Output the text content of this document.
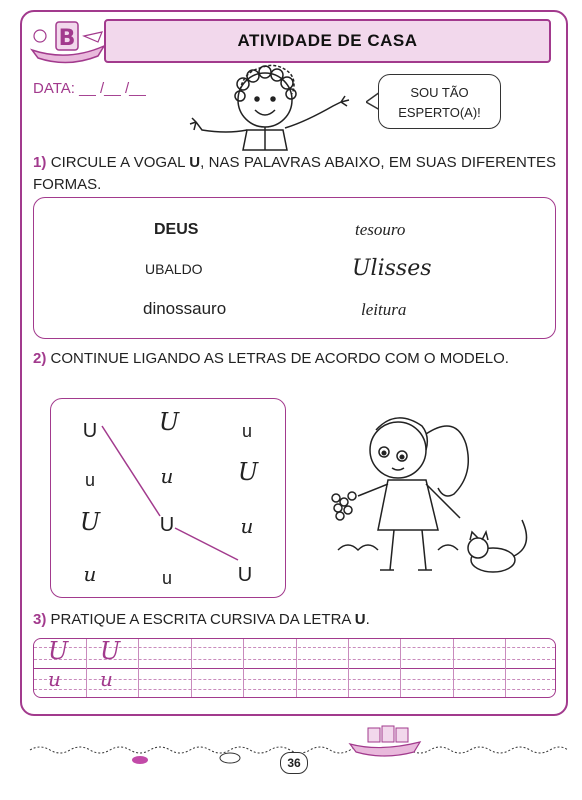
B	ATIVIDADE DE CASA
DATA: __ /__ /__	SOU TÃO
ESPERTO(A)!
1) CIRCULE A VOGAL U, NAS PALAVRAS ABAIXO, EM SUAS DIFERENTES FORMAS.
DEUS	tesouro
UBALDO	Ulisses
dinossauro	leitura
2) CONTINUE LIGANDO AS LETRAS DE ACORDO COM O MODELO.
U	U	u
u	u	U
U	U	u
u	u	U
3) PRATIQUE A ESCRITA CURSIVA DA LETRA U.
U U
u u
36
